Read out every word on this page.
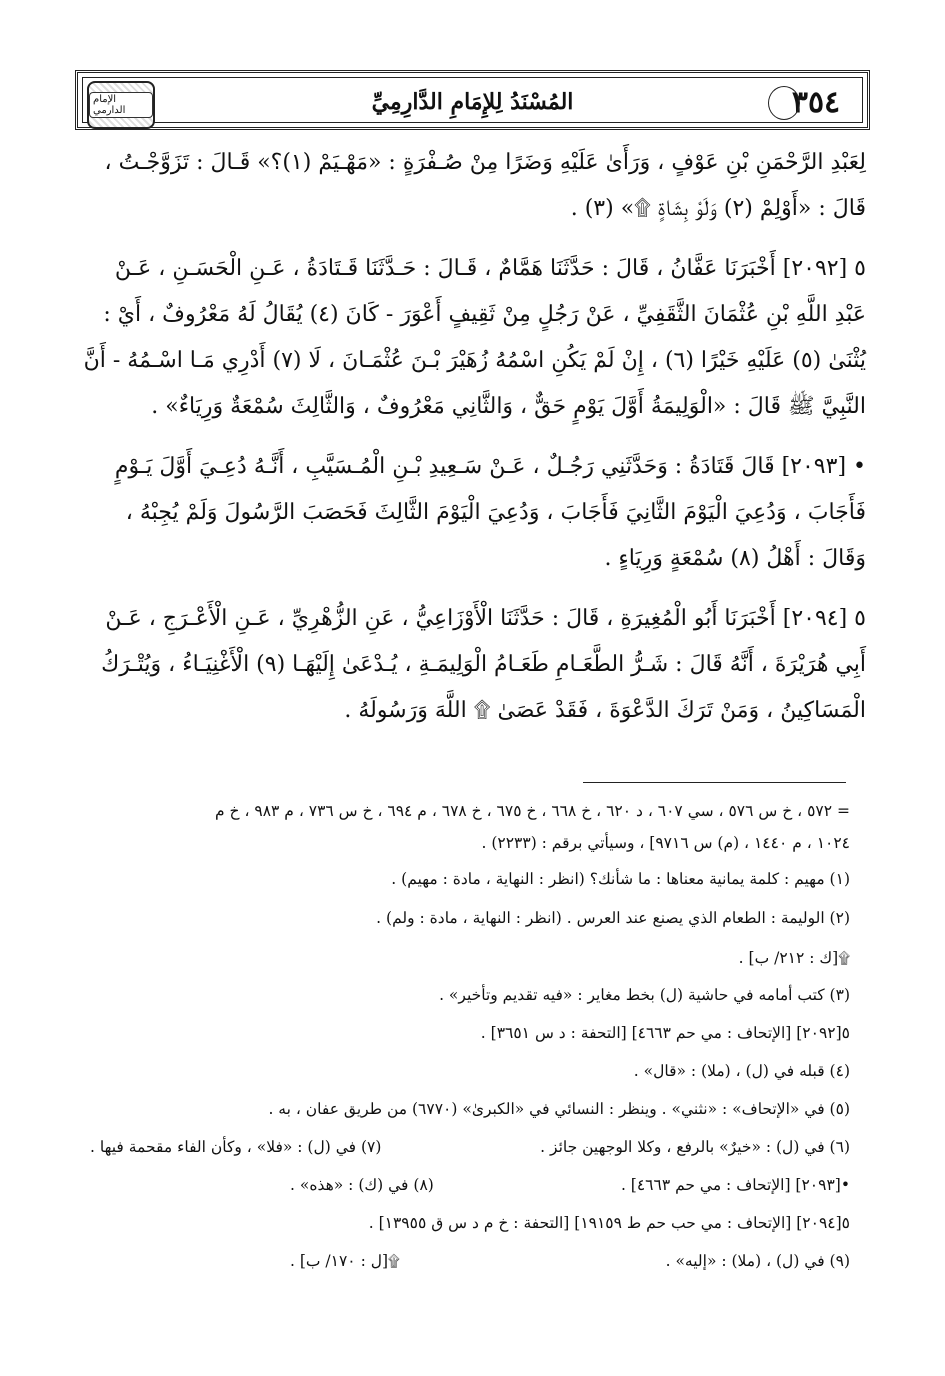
الإمام الدارمي	المُسْنَدُ لِلإِمَامِ الدَّارِمِيِّ	٣٥٤

لِعَبْدِ الرَّحْمَنِ بْنِ عَوْفٍ ، وَرَأَىٰ عَلَيْهِ وَضَرًا مِنْ صُـفْرَةٍ : «مَهْـيَمْ (١)؟» قَـالَ : تَزَوَّجْـتُ ،
قَالَ : «أَوْلِمْ (٢) وَلَوْ بِشَاةٍ ۩» (٣) .

٥ [٢٠٩٢] أَخْبَرَنَا عَفَّانُ ، قَالَ : حَدَّثَنَا هَمَّامٌ ، قَـالَ : حَـدَّثَنَا قَـتَادَةُ ، عَـنِ الْحَسَـنِ ، عَـنْ
عَبْدِ اللَّهِ بْنِ عُثْمَانَ الثَّقَفِيِّ ، عَنْ رَجُلٍ مِنْ ثَقِيفٍ أَعْوَرَ - كَانَ (٤) يُقَالُ لَهُ مَعْرُوفٌ ، أَيْ :
يُثْنَىٰ (٥) عَلَيْهِ خَيْرًا (٦) ، إِنْ لَمْ يَكُنِ اسْمُهُ زُهَيْرَ بْـنَ عُثْمَـانَ ، لَا (٧) أَدْرِي مَـا اسْـمُهُ - أَنَّ
النَّبِيَّ ﷺ قَالَ : «الْوَلِيمَةُ أَوَّلَ يَوْمٍ حَقٌّ ، وَالثَّانِي مَعْرُوفٌ ، وَالثَّالِثَ سُمْعَةٌ وَرِيَاءٌ» .

• [٢٠٩٣] قَالَ قَتَادَةُ : وَحَدَّثَنِي رَجُـلٌ ، عَـنْ سَـعِيدِ بْـنِ الْمُـسَيَّبِ ، أَنَّـهُ دُعِـيَ أَوَّلَ يَـوْمٍ
فَأَجَابَ ، وَدُعِيَ الْيَوْمَ الثَّانِيَ فَأَجَابَ ، وَدُعِيَ الْيَوْمَ الثَّالِثَ فَحَصَبَ الرَّسُولَ وَلَمْ يُجِبْهُ ،
وَقَالَ : أَهْلُ (٨) سُمْعَةٍ وَرِيَاءٍ .

٥ [٢٠٩٤] أَخْبَرَنَا أَبُو الْمُغِيرَةِ ، قَالَ : حَدَّثَنَا الْأَوْزَاعِيُّ ، عَنِ الزُّهْرِيِّ ، عَـنِ الْأَعْـرَجِ ، عَـنْ
أَبِي هُرَيْرَةَ ، أَنَّهُ قَالَ : شَـرُّ الطَّعَـامِ طَعَـامُ الْوَلِيمَـةِ ، يُـدْعَىٰ إِلَيْهَـا (٩) الْأَغْنِيَـاءُ ، وَيُتْـرَكُ
الْمَسَاكِينُ ، وَمَنْ تَرَكَ الدَّعْوَةَ ، فَقَدْ عَصَىٰ ۩ اللَّهَ وَرَسُولَهُ .

= ٥٧٢ ، خ س ٥٧٦ ، سي ٦٠٧ ، د ٦٢٠ ، خ ٦٦٨ ، خ ٦٧٥ ، خ ٦٧٨ ، م ٦٩٤ ، خ س ٧٣٦ ، م ٩٨٣ ، خ م
١٠٢٤ ، م ١٤٤٠ ، (م) س ٩٧١٦] ، وسيأتي برقم : (٢٢٣٣) .
(١) مهيم : كلمة يمانية معناها : ما شأنك؟ (انظر : النهاية ، مادة : مهيم) .
(٢) الوليمة : الطعام الذي يصنع عند العرس . (انظر : النهاية ، مادة : ولم) .
۩[ك : ٢١٢/ ب] .
(٣) كتب أمامه في حاشية (ل) بخط مغاير : «فيه تقديم وتأخير» .
٥[٢٠٩٢] [الإتحاف : مي حم ٤٦٦٣] [التحفة : د س ٣٦٥١] .
(٤) قبله في (ل) ، (ملا) : «قال» .
(٥) في «الإتحاف» : «نثني» . وينظر : النسائي في «الكبرىٰ» (٦٧٧٠) من طريق عفان ، به .
(٦) في (ل) : «خيرٌ» بالرفع ، وكلا الوجهين جائز .
(٧) في (ل) : «فلا» ، وكأن الفاء مقحمة فيها .
•[٢٠٩٣] [الإتحاف : مي حم ٤٦٦٣] .
(٨) في (ك) : «هذه» .
٥[٢٠٩٤] [الإتحاف : مي حب حم ط ١٩١٥٩] [التحفة : خ م د س ق ١٣٩٥٥] .
(٩) في (ل) ، (ملا) : «إليه» .
۩[ل : ١٧٠/ ب] .
